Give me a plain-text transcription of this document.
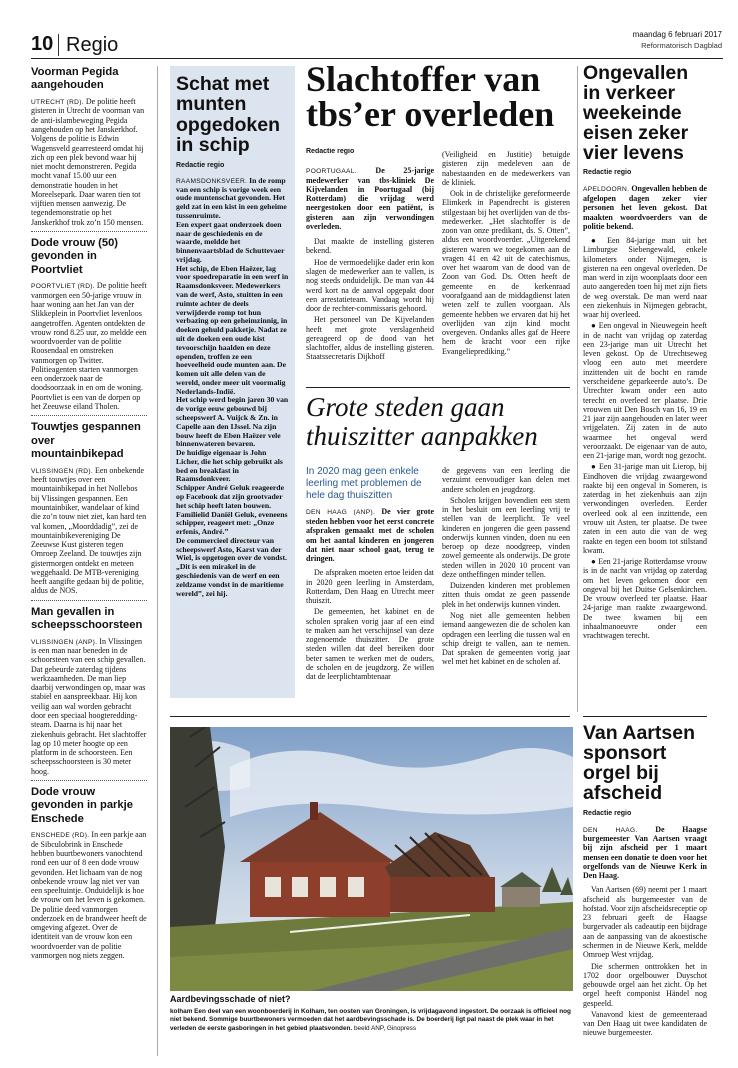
10 Regio	maandag 6 februari 2017
Reformatorisch Dagblad
Voorman Pegida aangehouden

UTRECHT (RD). De politie heeft gisteren in Utrecht de voorman van de anti-islambeweging Pegida aangehouden op het Janskerkhof. Volgens de politie is Edwin Wagensveld gearresteerd omdat hij zich op een plek bevond waar hij niet mocht demonstreren. Pegida mocht vanaf 15.00 uur een demonstratie houden in het Moreelsepark. Daar waren tien tot vijftien mensen aanwezig. De tegendemonstratie op het Janskerkhof trok zo’n 150 mensen.

Dode vrouw (50) gevonden in Poortvliet

POORTVLIET (RD). De politie heeft vanmorgen een 50-jarige vrouw in haar woning aan het Jan van der Slikkeplein in Poortvliet levenloos aangetroffen. Agenten ontdekten de vrouw rond 8.25 uur, zo meldde een woordvoerder van de politie Roosendaal en omstreken vanmorgen op Twitter. Politieagenten starten vanmorgen een onderzoek naar de doodsoorzaak in en om de woning. Poortvliet is een van de dorpen op het Zeeuwse eiland Tholen.

Touwtjes gespannen over mountainbikepad

VLISSINGEN (RD). Een onbekende heeft touwtjes over een mountainbikepad in het Nollebos bij Vlissingen gespannen. Een mountainbiker, wandelaar of kind die zo’n touw niet ziet, kan hard ten val komen, „Moorddadig”, zei de mountainbikevereniging De Zeeuwse Kust gisteren tegen Omroep Zeeland. De touwtjes zijn gistermorgen ontdekt en meteen weggehaald. De MTB-vereniging heeft aangifte gedaan bij de politie, aldus de NOS.

Man gevallen in scheepsschoorsteen

VLISSINGEN (ANP). In Vlissingen is een man naar beneden in de schoorsteen van een schip gevallen. Dat gebeurde zaterdag tijdens werkzaamheden. De man liep daarbij verwondingen op, maar was stabiel en aanspreekbaar. Hij kon veilig aan wal worden gebracht door een speciaal hoogtereddingsteam. Daarna is hij naar het ziekenhuis gebracht. Het slachtoffer lag op 10 meter hoogte op een platform in de schoorsteen. Een scheepsschoorsteen is 30 meter hoog.

Dode vrouw gevonden in parkje Enschede

ENSCHEDE (RD). In een parkje aan de Sibculobrink in Enschede hebben buurtbewoners vanochtend rond een uur of 8 een dode vrouw gevonden. Het lichaam van de nog onbekende vrouw lag niet ver van een speeltuintje. Onduidelijk is hoe de vrouw om het leven is gekomen. De politie deed vanmorgen onderzoek en de brandweer heeft de omgeving afgezet. Over de identiteit van de vrouw kon een woordvoerder van de politie vanmorgen nog niets zeggen.

Schat met munten opgedoken in schip
Redactie regio

RAAMSDONKSVEER. In de romp van een schip is vorige week een oude muntenschat gevonden. Het geld zat in een kist in een geheime tussenruimte.

Een expert gaat onderzoek doen naar de geschiedenis en de waarde, meldde het binnenvaartsblad de Schuttevaer vrijdag.

Het schip, de Eben Haëzer, lag voor spoedreparatie in een werf in Raamsdonksveer. Medewerkers van de werf, Asto, stuitten in een ruimte achter de deels verwijderde romp tot hun verbazing op een geheimzinnig, in doeken gehuld pakketje. Nadat ze uit de doeken een oude kist tevoorschijn haalden en deze openden, troffen ze een hoeveelheid oude munten aan. De komen uit alle delen van de wereld, onder meer uit voormalig Nederlands-Indië.

Het schip werd begin jaren 30 van de vorige eeuw gebouwd bij scheepswerf A. Vuijck & Zn. in Capelle aan den IJssel. Na zijn bouw heeft de Eben Haëzer vele binnenwateren bevaren.

De huidige eigenaar is John Licher, die het schip gebruikt als bed en breakfast in Raamsdonkveer.

Schipper André Geluk reageerde op Facebook dat zijn grootvader het schip heeft laten bouwen. Familielid Daniël Geluk, eveneens schipper, reageert met: „Onze erfenis, André.”

De commercieel directeur van scheepswerf Asto, Karst van der Wiel, is opgetogen over de vondst. „Dit is een mirakel in de geschiedenis van de werf en een zeldzame vondst in de maritieme wereld”, zei hij.

Slachtoffer van tbs’er overleden
Redactie regio

POORTUGAAL. De 25-jarige medewerker van tbs-kliniek De Kijvelanden in Poortugaal (bij Rotterdam) die vrijdag werd neergestoken door een patiënt, is gisteren aan zijn verwondingen overleden.

Dat maakte de instelling gisteren bekend.

Hoe de vermoedelijke dader erin kon slagen de medewerker aan te vallen, is nog steeds onduidelijk. De man van 44 werd kort na de aanval opgepakt door een arrestatieteam. Vandaag wordt hij door de rechter-commissaris gehoord.

Het personeel van De Kijvelanden heeft met grote verslagenheid gereageerd op de dood van het slachtoffer, aldus de instelling gisteren. Staatssecretaris Dijkhoff

(Veiligheid en Justitie) betuigde gisteren zijn medeleven aan de nabestaanden en de medewerkers van de kliniek.

Ook in de christelijke gereformeerde Elimkerk in Papendrecht is gisteren stilgestaan bij het overlijden van de tbs-medewerker. „Het slachtoffer is de zoon van onze predikant, ds. S. Otten”, aldus een woordvoerder. „Uitgerekend gisteren waren we toegekomen aan de vragen 41 en 42 uit de catechismus, over het waarom van de dood van de Zoon van God. Ds. Otten heeft de gemeente en de kerkenraad voorafgaand aan de middagdienst laten weten zelf te zullen voorgaan. Als gemeente hebben we ervaren dat hij het overlijden van zijn kind mocht overgeven. Ondanks alles gaf de Heere hem de kracht voor een rijke Evangelieprediking.”

Grote steden gaan thuiszitter aanpakken
In 2020 mag geen enkele leerling met problemen de hele dag thuiszitten

DEN HAAG (ANP). De vier grote steden hebben voor het eerst concrete afspraken gemaakt met de scholen om het aantal kinderen en jongeren dat niet naar school gaat, terug te dringen.

De afspraken moeten ertoe leiden dat in 2020 geen leerling in Amsterdam, Rotterdam, Den Haag en Utrecht meer thuiszit.

De gemeenten, het kabinet en de scholen spraken vorig jaar af een eind te maken aan het verschijnsel van deze zogenoemde thuiszitter. De grote steden willen dat deel bereiken door beter samen te werken met de ouders, de scholen en de jeugdzorg. Ze willen dat de leerplichtambtenaar

de gegevens van een leerling die verzuimt eenvoudiger kan delen met andere scholen en jeugdzorg.

Scholen krijgen bovendien een stem in het besluit om een leerling vrij te stellen van de leerplicht. Te veel kinderen en jongeren die geen passend onderwijs kunnen vinden, doen nu een beroep op deze noodgreep, vinden zowel gemeente als onderwijs. De grote steden willen in 2020 10 procent van deze ontheffingen minder tellen.

Duizenden kinderen met problemen zitten thuis omdat ze geen passende plek in het onderwijs kunnen vinden.

Nog niet alle gemeenten hebben iemand aangewezen die de scholen kan opdragen een leerling die tussen wal en schip dreigt te vallen, aan te nemen. Dat spraken de gemeenten vorig jaar wel met het kabinet en de scholen af.

Ongevallen in verkeer weekeinde eisen zeker vier levens
Redactie regio

APELDOORN. Ongevallen hebben de afgelopen dagen zeker vier personen het leven gekost. Dat maakten woordvoerders van de politie bekend.

● Een 84-jarige man uit het Limburgse Siebengewald, enkele kilometers onder Nijmegen, is gisteren na een ongeval overleden. De man werd in zijn woonplaats door een auto aangereden toen hij met zijn fiets de weg overstak. De man werd naar een ziekenhuis in Nijmegen gebracht, waar hij overleed.

● Een ongeval in Nieuwegein heeft in de nacht van vrijdag op zaterdag een 23-jarige man uit Utrecht het leven gekost. Op de Utrechtseweg vloog een auto met meerdere inzittenden uit de bocht en ramde verscheidene geparkeerde auto’s. De Utrechter kwam onder een auto terecht en overleed ter plaatse. Drie vrouwen uit Den Bosch van 16, 19 en 21 jaar zijn aangehouden en later weer vrijgelaten. Zij zaten in de auto waarmee het ongeval werd veroorzaakt. De eigenaar van de auto, een 21-jarige man, wordt nog gezocht.

● Een 31-jarige man uit Lierop, bij Eindhoven die vrijdag zwaargewond raakte bij een ongeval in Someren, is zaterdag in het ziekenhuis aan zijn verwondingen overleden. Eerder overleed ook al een inzittende, een vrouw uit Asten, ter plaatse. De twee zaten in een auto die van de weg raakte en tegen een boom tot stilstand kwam.

● Een 21-jarige Rotterdamse vrouw is in de nacht van vrijdag op zaterdag om het leven gekomen door een ongeval bij het Duitse Gelsenkirchen. De vrouw overleed ter plaatse. Haar 24-jarige man raakte zwaargewond. De twee kwamen bij een inhaalmanoeuvre onder een vrachtwagen terecht.

Aardbevingsschade of niet?
kolham Een deel van een woonboerderij in Kolham, ten oosten van Groningen, is vrijdagavond ingestort. De oorzaak is officieel nog niet bekend. Sommige buurtbewoners vermoeden dat het aardbevingsschade is. De boerderij ligt pal naast de plek waar in het verleden de eerste gasboringen in het gebied plaatsvonden. beeld ANP, Ginopress
Van Aartsen sponsort orgel bij afscheid
Redactie regio

DEN HAAG. De Haagse burgemeester Van Aartsen vraagt bij zijn afscheid per 1 maart mensen een donatie te doen voor het orgelfonds van de Nieuwe Kerk in Den Haag.

Van Aartsen (69) neemt per 1 maart afscheid als burgemeester van de hofstad. Voor zijn afscheidsreceptie op 23 februari geeft de Haagse burgervader als cadeautip een bijdrage aan de aanpassing van de akoestische schermen in de Nieuwe Kerk, meldde Omroep West vrijdag.

Die schermen onttrokken het in 1702 door orgelbouwer Duyschot gebouwde orgel aan het zicht. Op het orgel heeft componist Händel nog gespeeld.

Vanavond kiest de gemeenteraad van Den Haag uit twee kandidaten de nieuwe burgemeester.
